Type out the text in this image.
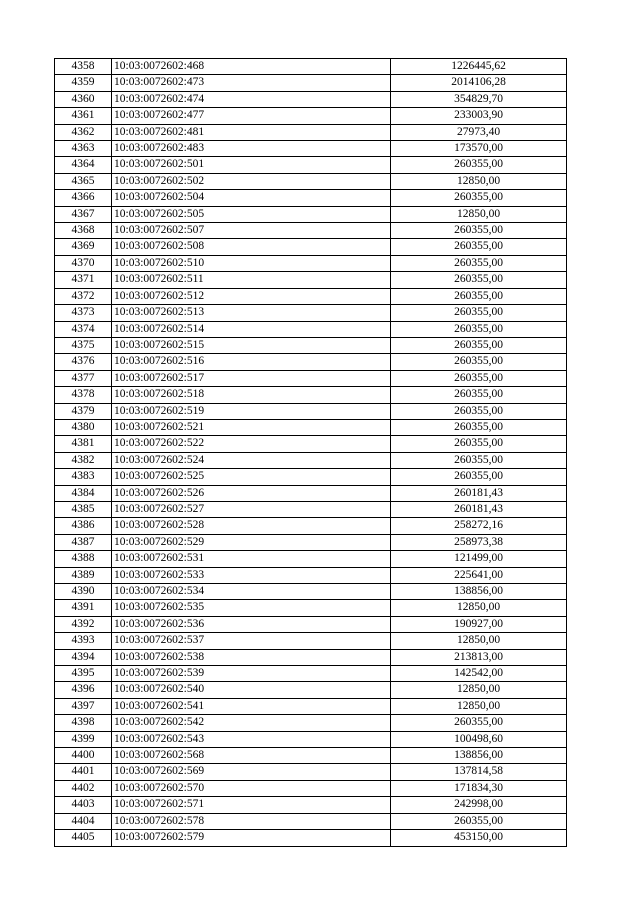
4358	10:03:0072602:468	1226445,62
4359	10:03:0072602:473	2014106,28
4360	10:03:0072602:474	354829,70
4361	10:03:0072602:477	233003,90
4362	10:03:0072602:481	27973,40
4363	10:03:0072602:483	173570,00
4364	10:03:0072602:501	260355,00
4365	10:03:0072602:502	12850,00
4366	10:03:0072602:504	260355,00
4367	10:03:0072602:505	12850,00
4368	10:03:0072602:507	260355,00
4369	10:03:0072602:508	260355,00
4370	10:03:0072602:510	260355,00
4371	10:03:0072602:511	260355,00
4372	10:03:0072602:512	260355,00
4373	10:03:0072602:513	260355,00
4374	10:03:0072602:514	260355,00
4375	10:03:0072602:515	260355,00
4376	10:03:0072602:516	260355,00
4377	10:03:0072602:517	260355,00
4378	10:03:0072602:518	260355,00
4379	10:03:0072602:519	260355,00
4380	10:03:0072602:521	260355,00
4381	10:03:0072602:522	260355,00
4382	10:03:0072602:524	260355,00
4383	10:03:0072602:525	260355,00
4384	10:03:0072602:526	260181,43
4385	10:03:0072602:527	260181,43
4386	10:03:0072602:528	258272,16
4387	10:03:0072602:529	258973,38
4388	10:03:0072602:531	121499,00
4389	10:03:0072602:533	225641,00
4390	10:03:0072602:534	138856,00
4391	10:03:0072602:535	12850,00
4392	10:03:0072602:536	190927,00
4393	10:03:0072602:537	12850,00
4394	10:03:0072602:538	213813,00
4395	10:03:0072602:539	142542,00
4396	10:03:0072602:540	12850,00
4397	10:03:0072602:541	12850,00
4398	10:03:0072602:542	260355,00
4399	10:03:0072602:543	100498,60
4400	10:03:0072602:568	138856,00
4401	10:03:0072602:569	137814,58
4402	10:03:0072602:570	171834,30
4403	10:03:0072602:571	242998,00
4404	10:03:0072602:578	260355,00
4405	10:03:0072602:579	453150,00
